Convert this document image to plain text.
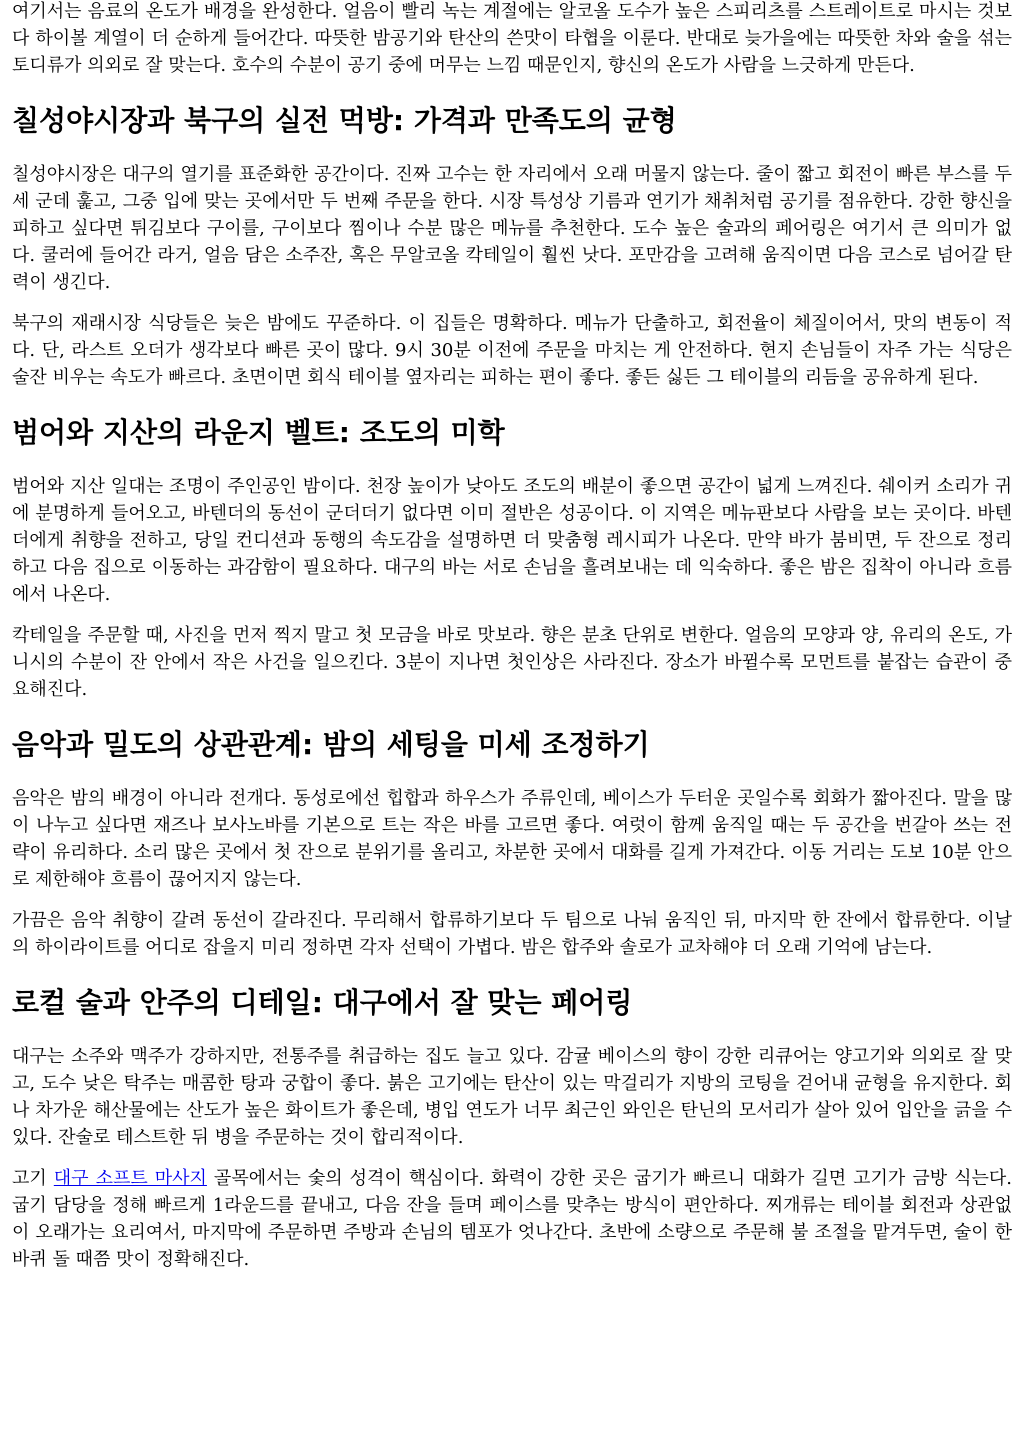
여기서는 음료의 온도가 배경을 완성한다. 얼음이 빨리 녹는 계절에는 알코올 도수가 높은 스피리츠를 스트레이트로 마시는 것보다 하이볼 계열이 더 순하게 들어간다. 따뜻한 밤공기와 탄산의 쓴맛이 타협을 이룬다. 반대로 늦가을에는 따뜻한 차와 술을 섞는 토디류가 의외로 잘 맞는다. 호수의 수분이 공기 중에 머무는 느낌 때문인지, 향신의 온도가 사람을 느긋하게 만든다.

칠성야시장과 북구의 실전 먹방: 가격과 만족도의 균형

칠성야시장은 대구의 열기를 표준화한 공간이다. 진짜 고수는 한 자리에서 오래 머물지 않는다. 줄이 짧고 회전이 빠른 부스를 두세 군데 훑고, 그중 입에 맞는 곳에서만 두 번째 주문을 한다. 시장 특성상 기름과 연기가 채취처럼 공기를 점유한다. 강한 향신을 피하고 싶다면 튀김보다 구이를, 구이보다 찜이나 수분 많은 메뉴를 추천한다. 도수 높은 술과의 페어링은 여기서 큰 의미가 없다. 쿨러에 들어간 라거, 얼음 담은 소주잔, 혹은 무알코올 칵테일이 훨씬 낫다. 포만감을 고려해 움직이면 다음 코스로 넘어갈 탄력이 생긴다.

북구의 재래시장 식당들은 늦은 밤에도 꾸준하다. 이 집들은 명확하다. 메뉴가 단출하고, 회전율이 체질이어서, 맛의 변동이 적다. 단, 라스트 오더가 생각보다 빠른 곳이 많다. 9시 30분 이전에 주문을 마치는 게 안전하다. 현지 손님들이 자주 가는 식당은 술잔 비우는 속도가 빠르다. 초면이면 회식 테이블 옆자리는 피하는 편이 좋다. 좋든 싫든 그 테이블의 리듬을 공유하게 된다.

범어와 지산의 라운지 벨트: 조도의 미학

범어와 지산 일대는 조명이 주인공인 밤이다. 천장 높이가 낮아도 조도의 배분이 좋으면 공간이 넓게 느껴진다. 쉐이커 소리가 귀에 분명하게 들어오고, 바텐더의 동선이 군더더기 없다면 이미 절반은 성공이다. 이 지역은 메뉴판보다 사람을 보는 곳이다. 바텐더에게 취향을 전하고, 당일 컨디션과 동행의 속도감을 설명하면 더 맞춤형 레시피가 나온다. 만약 바가 붐비면, 두 잔으로 정리하고 다음 집으로 이동하는 과감함이 필요하다. 대구의 바는 서로 손님을 흘려보내는 데 익숙하다. 좋은 밤은 집착이 아니라 흐름에서 나온다.

칵테일을 주문할 때, 사진을 먼저 찍지 말고 첫 모금을 바로 맛보라. 향은 분초 단위로 변한다. 얼음의 모양과 양, 유리의 온도, 가니시의 수분이 잔 안에서 작은 사건을 일으킨다. 3분이 지나면 첫인상은 사라진다. 장소가 바뀔수록 모먼트를 붙잡는 습관이 중요해진다.

음악과 밀도의 상관관계: 밤의 세팅을 미세 조정하기

음악은 밤의 배경이 아니라 전개다. 동성로에선 힙합과 하우스가 주류인데, 베이스가 두터운 곳일수록 회화가 짧아진다. 말을 많이 나누고 싶다면 재즈나 보사노바를 기본으로 트는 작은 바를 고르면 좋다. 여럿이 함께 움직일 때는 두 공간을 번갈아 쓰는 전략이 유리하다. 소리 많은 곳에서 첫 잔으로 분위기를 올리고, 차분한 곳에서 대화를 길게 가져간다. 이동 거리는 도보 10분 안으로 제한해야 흐름이 끊어지지 않는다.

가끔은 음악 취향이 갈려 동선이 갈라진다. 무리해서 합류하기보다 두 팀으로 나눠 움직인 뒤, 마지막 한 잔에서 합류한다. 이날의 하이라이트를 어디로 잡을지 미리 정하면 각자 선택이 가볍다. 밤은 합주와 솔로가 교차해야 더 오래 기억에 남는다.

로컬 술과 안주의 디테일: 대구에서 잘 맞는 페어링

대구는 소주와 맥주가 강하지만, 전통주를 취급하는 집도 늘고 있다. 감귤 베이스의 향이 강한 리큐어는 양고기와 의외로 잘 맞고, 도수 낮은 탁주는 매콤한 탕과 궁합이 좋다. 붉은 고기에는 탄산이 있는 막걸리가 지방의 코팅을 걷어내 균형을 유지한다. 회나 차가운 해산물에는 산도가 높은 화이트가 좋은데, 병입 연도가 너무 최근인 와인은 탄닌의 모서리가 살아 있어 입안을 긁을 수 있다. 잔술로 테스트한 뒤 병을 주문하는 것이 합리적이다.

고기 대구 소프트 마사지 골목에서는 숯의 성격이 핵심이다. 화력이 강한 곳은 굽기가 빠르니 대화가 길면 고기가 금방 식는다. 굽기 담당을 정해 빠르게 1라운드를 끝내고, 다음 잔을 들며 페이스를 맞추는 방식이 편안하다. 찌개류는 테이블 회전과 상관없이 오래가는 요리여서, 마지막에 주문하면 주방과 손님의 템포가 엇나간다. 초반에 소량으로 주문해 불 조절을 맡겨두면, 술이 한 바퀴 돌 때쯤 맛이 정확해진다.
